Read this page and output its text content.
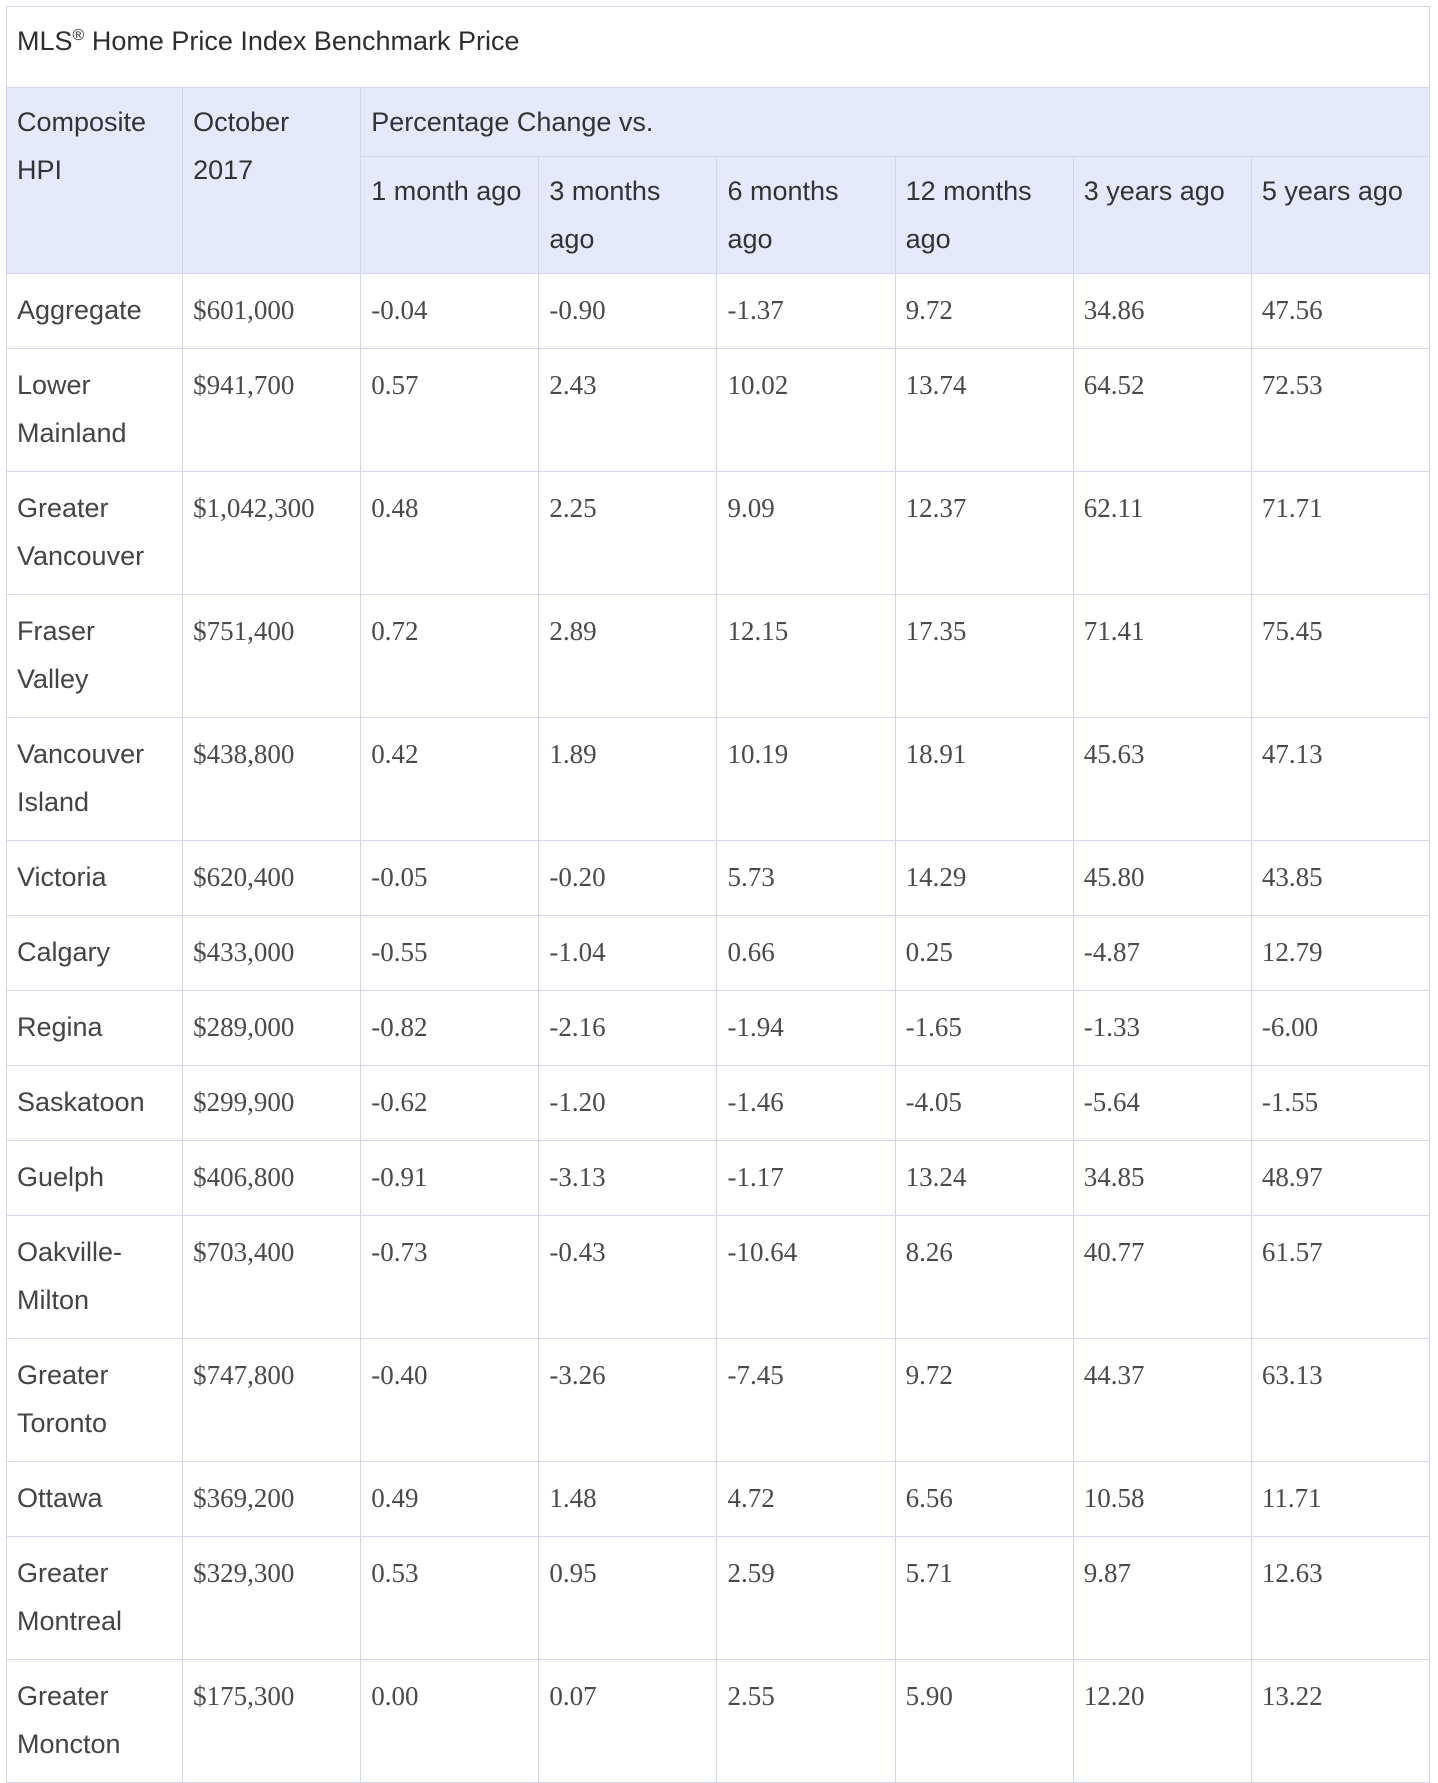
MLS® Home Price Index Benchmark Price							
Composite HPI	October 2017	Percentage Change vs.					
		1 month ago	3 months ago	6 months ago	12 months ago	3 years ago	5 years ago
Aggregate	$601,000	-0.04	-0.90	-1.37	9.72	34.86	47.56
Lower Mainland	$941,700	0.57	2.43	10.02	13.74	64.52	72.53
Greater Vancouver	$1,042,300	0.48	2.25	9.09	12.37	62.11	71.71
Fraser Valley	$751,400	0.72	2.89	12.15	17.35	71.41	75.45
Vancouver Island	$438,800	0.42	1.89	10.19	18.91	45.63	47.13
Victoria	$620,400	-0.05	-0.20	5.73	14.29	45.80	43.85
Calgary	$433,000	-0.55	-1.04	0.66	0.25	-4.87	12.79
Regina	$289,000	-0.82	-2.16	-1.94	-1.65	-1.33	-6.00
Saskatoon	$299,900	-0.62	-1.20	-1.46	-4.05	-5.64	-1.55
Guelph	$406,800	-0.91	-3.13	-1.17	13.24	34.85	48.97
Oakville-Milton	$703,400	-0.73	-0.43	-10.64	8.26	40.77	61.57
Greater Toronto	$747,800	-0.40	-3.26	-7.45	9.72	44.37	63.13
Ottawa	$369,200	0.49	1.48	4.72	6.56	10.58	11.71
Greater Montreal	$329,300	0.53	0.95	2.59	5.71	9.87	12.63
Greater Moncton	$175,300	0.00	0.07	2.55	5.90	12.20	13.22
